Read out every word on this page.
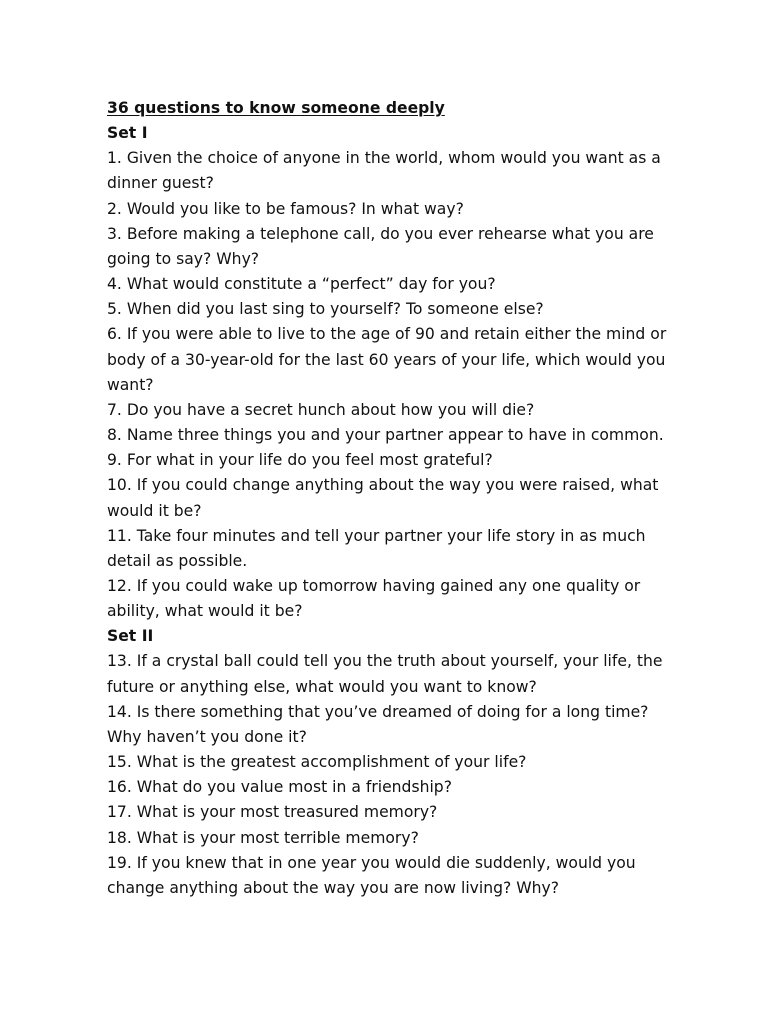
36 questions to know someone deeply
Set I
1. Given the choice of anyone in the world, whom would you want as a dinner guest?
2. Would you like to be famous? In what way?
3. Before making a telephone call, do you ever rehearse what you are going to say? Why?
4. What would constitute a “perfect” day for you?
5. When did you last sing to yourself? To someone else?
6. If you were able to live to the age of 90 and retain either the mind or body of a 30-year-old for the last 60 years of your life, which would you want?
7. Do you have a secret hunch about how you will die?
8. Name three things you and your partner appear to have in common.
9. For what in your life do you feel most grateful?
10. If you could change anything about the way you were raised, what would it be?
11. Take four minutes and tell your partner your life story in as much detail as possible.
12. If you could wake up tomorrow having gained any one quality or ability, what would it be?
Set II
13. If a crystal ball could tell you the truth about yourself, your life, the future or anything else, what would you want to know?
14. Is there something that you’ve dreamed of doing for a long time? Why haven’t you done it?
15. What is the greatest accomplishment of your life?
16. What do you value most in a friendship?
17. What is your most treasured memory?
18. What is your most terrible memory?
19. If you knew that in one year you would die suddenly, would you change anything about the way you are now living? Why?
